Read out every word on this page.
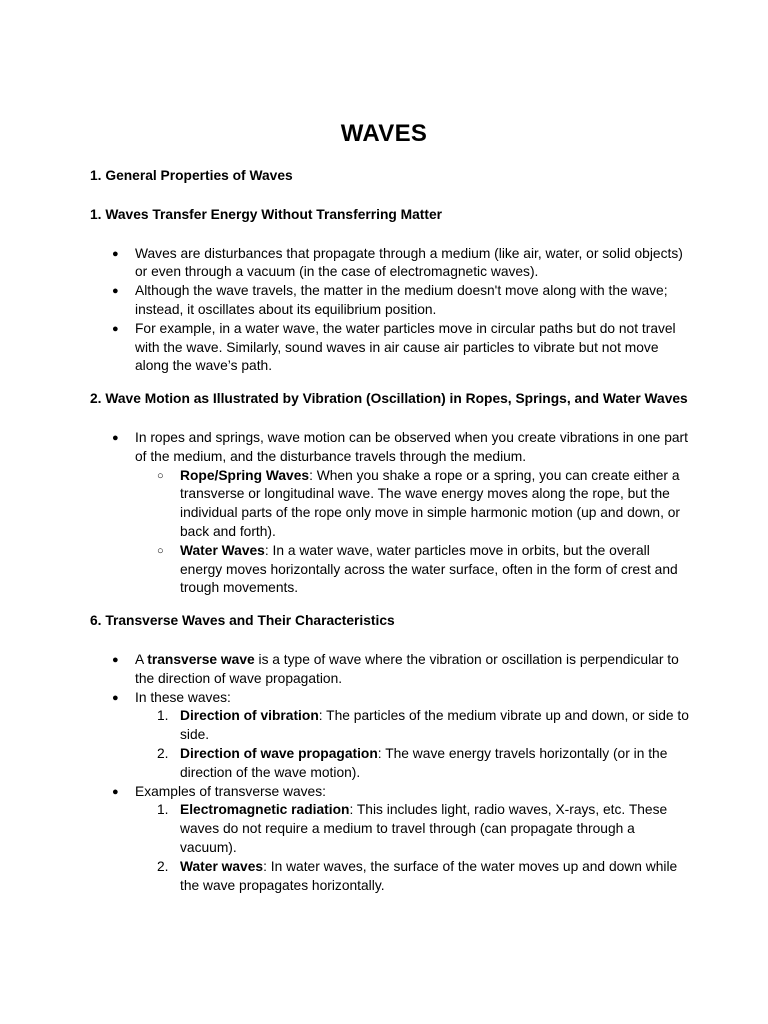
WAVES

1. General Properties of Waves

1. Waves Transfer Energy Without Transferring Matter

● Waves are disturbances that propagate through a medium (like air, water, or solid objects) or even through a vacuum (in the case of electromagnetic waves).
● Although the wave travels, the matter in the medium doesn't move along with the wave; instead, it oscillates about its equilibrium position.
● For example, in a water wave, the water particles move in circular paths but do not travel with the wave. Similarly, sound waves in air cause air particles to vibrate but not move along the wave’s path.

2. Wave Motion as Illustrated by Vibration (Oscillation) in Ropes, Springs, and Water Waves

● In ropes and springs, wave motion can be observed when you create vibrations in one part of the medium, and the disturbance travels through the medium.
○ Rope/Spring Waves: When you shake a rope or a spring, you can create either a transverse or longitudinal wave. The wave energy moves along the rope, but the individual parts of the rope only move in simple harmonic motion (up and down, or back and forth).
○ Water Waves: In a water wave, water particles move in orbits, but the overall energy moves horizontally across the water surface, often in the form of crest and trough movements.

6. Transverse Waves and Their Characteristics

● A transverse wave is a type of wave where the vibration or oscillation is perpendicular to the direction of wave propagation.
● In these waves:
1. Direction of vibration: The particles of the medium vibrate up and down, or side to side.
2. Direction of wave propagation: The wave energy travels horizontally (or in the direction of the wave motion).
● Examples of transverse waves:
1. Electromagnetic radiation: This includes light, radio waves, X-rays, etc. These waves do not require a medium to travel through (can propagate through a vacuum).
2. Water waves: In water waves, the surface of the water moves up and down while the wave propagates horizontally.
